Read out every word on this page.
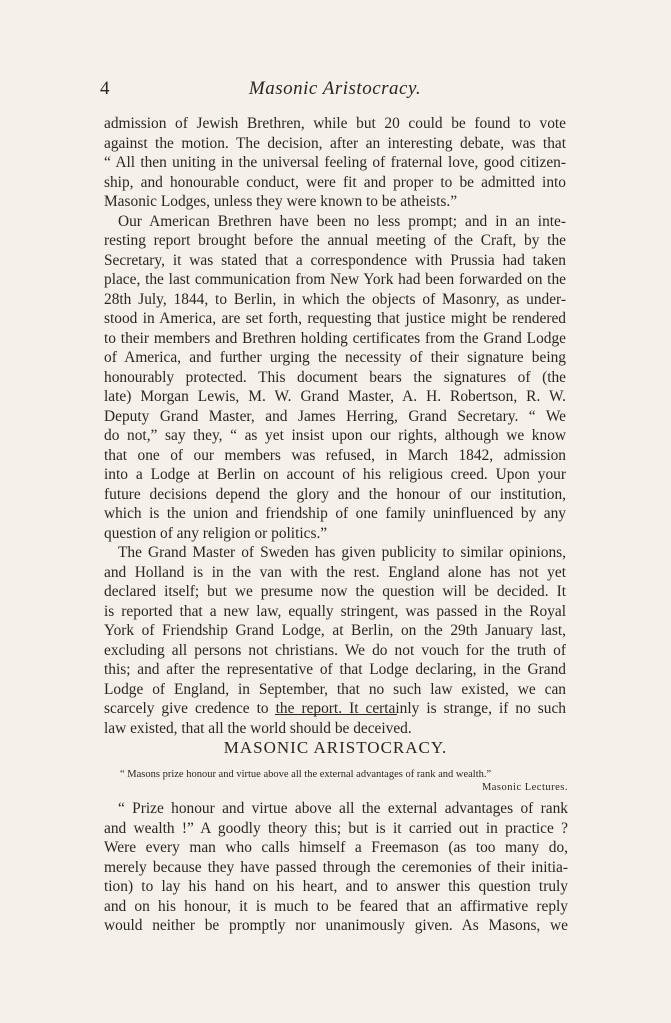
4	Masonic Aristocracy.
admission of Jewish Brethren, while but 20 could be found to vote
against the motion. The decision, after an interesting debate, was that
“ All then uniting in the universal feeling of fraternal love, good citizen-
ship, and honourable conduct, were fit and proper to be admitted into
Masonic Lodges, unless they were known to be atheists.”
Our American Brethren have been no less prompt; and in an inte-
resting report brought before the annual meeting of the Craft, by the
Secretary, it was stated that a correspondence with Prussia had taken
place, the last communication from New York had been forwarded on the
28th July, 1844, to Berlin, in which the objects of Masonry, as under-
stood in America, are set forth, requesting that justice might be rendered
to their members and Brethren holding certificates from the Grand Lodge
of America, and further urging the necessity of their signature being
honourably protected. This document bears the signatures of (the
late) Morgan Lewis, M. W. Grand Master, A. H. Robertson, R. W.
Deputy Grand Master, and James Herring, Grand Secretary. “ We
do not,” say they, “ as yet insist upon our rights, although we know
that one of our members was refused, in March 1842, admission
into a Lodge at Berlin on account of his religious creed. Upon your
future decisions depend the glory and the honour of our institution,
which is the union and friendship of one family uninfluenced by any
question of any religion or politics.”
The Grand Master of Sweden has given publicity to similar opinions,
and Holland is in the van with the rest. England alone has not yet
declared itself; but we presume now the question will be decided. It
is reported that a new law, equally stringent, was passed in the Royal
York of Friendship Grand Lodge, at Berlin, on the 29th January last,
excluding all persons not christians. We do not vouch for the truth of
this; and after the representative of that Lodge declaring, in the Grand
Lodge of England, in September, that no such law existed, we can
scarcely give credence to the report. It certainly is strange, if no such
law existed, that all the world should be deceived.
MASONIC ARISTOCRACY.
“ Masons prize honour and virtue above all the external advantages of rank and wealth.”
Masonic Lectures.
“ Prize honour and virtue above all the external advantages of rank
and wealth !” A goodly theory this; but is it carried out in practice ?
Were every man who calls himself a Freemason (as too many do,
merely because they have passed through the ceremonies of their initia-
tion) to lay his hand on his heart, and to answer this question truly
and on his honour, it is much to be feared that an affirmative reply
would neither be promptly nor unanimously given. As Masons, we
